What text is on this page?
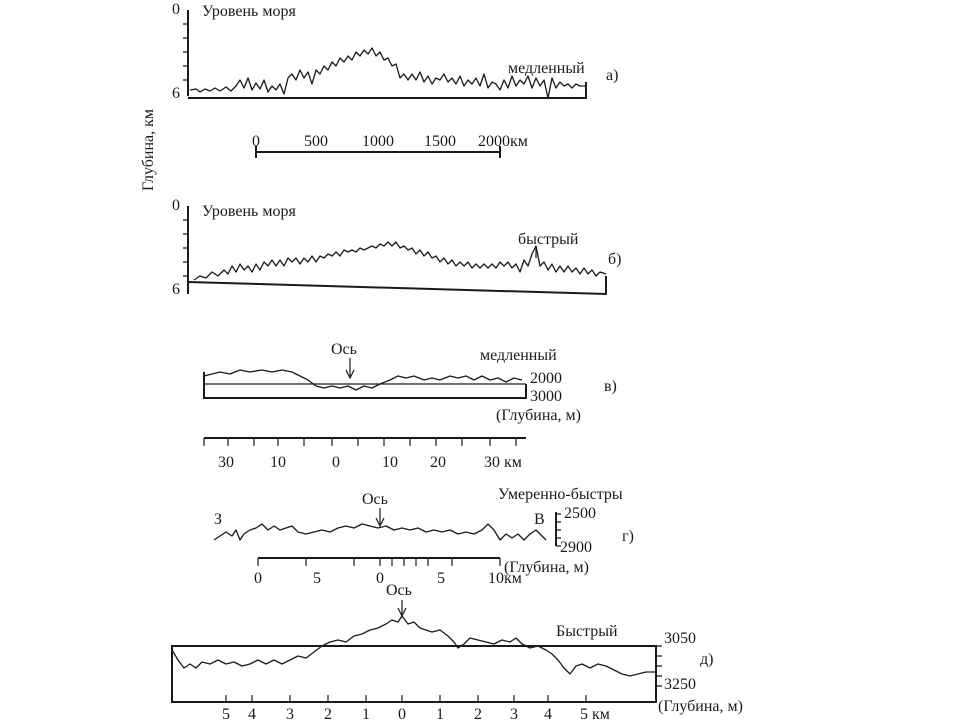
Глубина, км
0 Уровень моря
6
медленный а)
0	500 1000 1500 2000км
0 Уровень моря
6
быстрый
б)
Ось	медленный
2000
3000
в)
(Глубина, м)
30 10	0	10 20 30 км
Ось	Умеренно-быстры
З	В 2500
2900
г)
(Глубина, м)
0	5	0	5	10км
Ось
Быстрый	3050
3250
д)
(Глубина, м)
5 4 3 2 1 0 1 2 3 4 5 км
